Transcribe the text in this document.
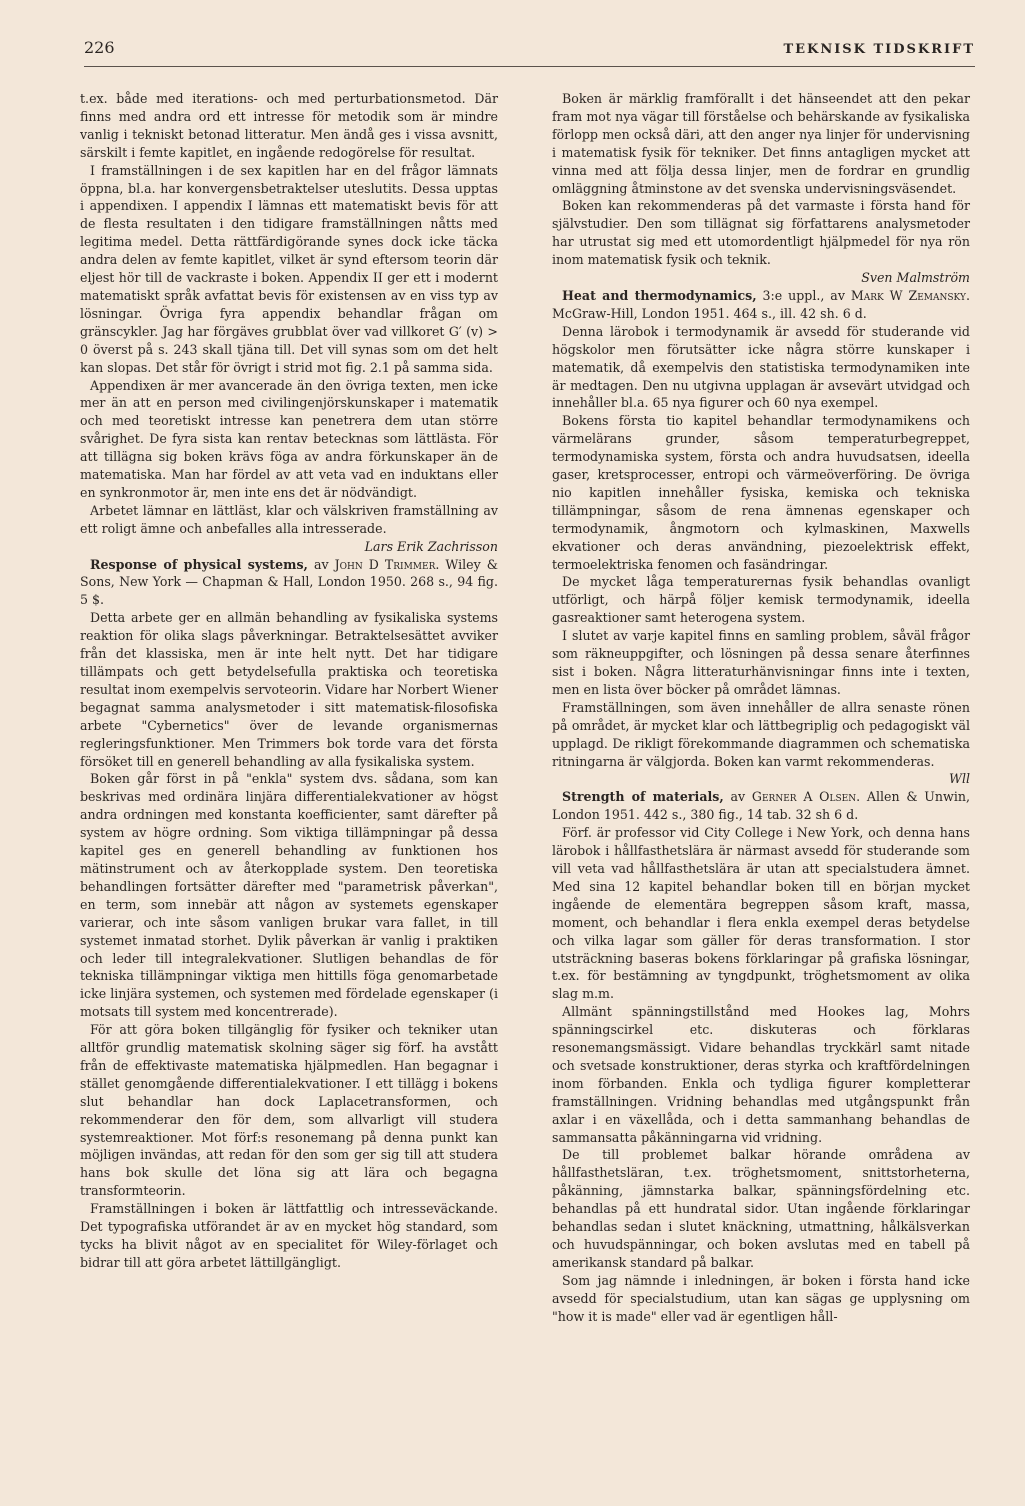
226	TEKNISK TIDSKRIFT

t.ex. både med iterations- och med perturbationsmetod. Där finns med andra ord ett intresse för metodik som är mindre vanlig i tekniskt betonad litteratur. Men ändå ges i vissa avsnitt, särskilt i femte kapitlet, en ingående redogörelse för resultat.

I framställningen i de sex kapitlen har en del frågor lämnats öppna, bl.a. har konvergensbetraktelser uteslutits. Dessa upptas i appendixen. I appendix I lämnas ett matematiskt bevis för att de flesta resultaten i den tidigare framställningen nåtts med legitima medel. Detta rättfärdigörande synes dock icke täcka andra delen av femte kapitlet, vilket är synd eftersom teorin där eljest hör till de vackraste i boken. Appendix II ger ett i modernt matematiskt språk avfattat bevis för existensen av en viss typ av lösningar. Övriga fyra appendix behandlar frågan om gränscykler. Jag har förgäves grubblat över vad villkoret G′ (v) > 0 överst på s. 243 skall tjäna till. Det vill synas som om det helt kan slopas. Det står för övrigt i strid mot fig. 2.1 på samma sida.

Appendixen är mer avancerade än den övriga texten, men icke mer än att en person med civilingenjörskunskaper i matematik och med teoretiskt intresse kan penetrera dem utan större svårighet. De fyra sista kan rentav betecknas som lättlästa. För att tillägna sig boken krävs föga av andra förkunskaper än de matematiska. Man har fördel av att veta vad en induktans eller en synkronmotor är, men inte ens det är nödvändigt.

Arbetet lämnar en lättläst, klar och välskriven framställning av ett roligt ämne och anbefalles alla intresserade.

Lars Erik Zachrisson

Response of physical systems, av John D Trimmer. Wiley & Sons, New York — Chapman & Hall, London 1950. 268 s., 94 fig. 5 $.

Detta arbete ger en allmän behandling av fysikaliska systems reaktion för olika slags påverkningar. Betraktelsesättet avviker från det klassiska, men är inte helt nytt. Det har tidigare tillämpats och gett betydelsefulla praktiska och teoretiska resultat inom exempelvis servoteorin. Vidare har Norbert Wiener begagnat samma analysmetoder i sitt matematisk-filosofiska arbete "Cybernetics" över de levande organismernas regleringsfunktioner. Men Trimmers bok torde vara det första försöket till en generell behandling av alla fysikaliska system.

Boken går först in på "enkla" system dvs. sådana, som kan beskrivas med ordinära linjära differentialekvationer av högst andra ordningen med konstanta koefficienter, samt därefter på system av högre ordning. Som viktiga tillämpningar på dessa kapitel ges en generell behandling av funktionen hos mätinstrument och av återkopplade system. Den teoretiska behandlingen fortsätter därefter med "parametrisk påverkan", en term, som innebär att någon av systemets egenskaper varierar, och inte såsom vanligen brukar vara fallet, in till systemet inmatad storhet. Dylik påverkan är vanlig i praktiken och leder till integralekvationer. Slutligen behandlas de för tekniska tillämpningar viktiga men hittills föga genomarbetade icke linjära systemen, och systemen med fördelade egenskaper (i motsats till system med koncentrerade).

För att göra boken tillgänglig för fysiker och tekniker utan alltför grundlig matematisk skolning säger sig förf. ha avstått från de effektivaste matematiska hjälpmedlen. Han begagnar i stället genomgående differentialekvationer. I ett tillägg i bokens slut behandlar han dock Laplacetransformen, och rekommenderar den för dem, som allvarligt vill studera systemreaktioner. Mot förf:s resonemang på denna punkt kan möjligen invändas, att redan för den som ger sig till att studera hans bok skulle det löna sig att lära och begagna transformteorin.

Framställningen i boken är lättfattlig och intresseväckande. Det typografiska utförandet är av en mycket hög standard, som tycks ha blivit något av en specialitet för Wiley-förlaget och bidrar till att göra arbetet lättillgängligt.

Boken är märklig framförallt i det hänseendet att den pekar fram mot nya vägar till förståelse och behärskande av fysikaliska förlopp men också däri, att den anger nya linjer för undervisning i matematisk fysik för tekniker. Det finns antagligen mycket att vinna med att följa dessa linjer, men de fordrar en grundlig omläggning åtminstone av det svenska undervisningsväsendet.

Boken kan rekommenderas på det varmaste i första hand för självstudier. Den som tillägnat sig författarens analysmetoder har utrustat sig med ett utomordentligt hjälpmedel för nya rön inom matematisk fysik och teknik.

Sven Malmström

Heat and thermodynamics, 3:e uppl., av Mark W Zemansky. McGraw-Hill, London 1951. 464 s., ill. 42 sh. 6 d.

Denna lärobok i termodynamik är avsedd för studerande vid högskolor men förutsätter icke några större kunskaper i matematik, då exempelvis den statistiska termodynamiken inte är medtagen. Den nu utgivna upplagan är avsevärt utvidgad och innehåller bl.a. 65 nya figurer och 60 nya exempel.

Bokens första tio kapitel behandlar termodynamikens och värmelärans grunder, såsom temperaturbegreppet, termodynamiska system, första och andra huvudsatsen, ideella gaser, kretsprocesser, entropi och värmeöverföring. De övriga nio kapitlen innehåller fysiska, kemiska och tekniska tillämpningar, såsom de rena ämnenas egenskaper och termodynamik, ångmotorn och kylmaskinen, Maxwells ekvationer och deras användning, piezoelektrisk effekt, termoelektriska fenomen och fasändringar.

De mycket låga temperaturernas fysik behandlas ovanligt utförligt, och härpå följer kemisk termodynamik, ideella gasreaktioner samt heterogena system.

I slutet av varje kapitel finns en samling problem, såväl frågor som räkneuppgifter, och lösningen på dessa senare återfinnes sist i boken. Några litteraturhänvisningar finns inte i texten, men en lista över böcker på området lämnas.

Framställningen, som även innehåller de allra senaste rönen på området, är mycket klar och lättbegriplig och pedagogiskt väl upplagd. De rikligt förekommande diagrammen och schematiska ritningarna är välgjorda. Boken kan varmt rekommenderas.

Wll

Strength of materials, av Gerner A Olsen. Allen & Unwin, London 1951. 442 s., 380 fig., 14 tab. 32 sh 6 d.

Förf. är professor vid City College i New York, och denna hans lärobok i hållfasthetslära är närmast avsedd för studerande som vill veta vad hållfasthetslära är utan att specialstudera ämnet. Med sina 12 kapitel behandlar boken till en början mycket ingående de elementära begreppen såsom kraft, massa, moment, och behandlar i flera enkla exempel deras betydelse och vilka lagar som gäller för deras transformation. I stor utsträckning baseras bokens förklaringar på grafiska lösningar, t.ex. för bestämning av tyngdpunkt, tröghetsmoment av olika slag m.m.

Allmänt spänningstillstånd med Hookes lag, Mohrs spänningscirkel etc. diskuteras och förklaras resonemangsmässigt. Vidare behandlas tryckkärl samt nitade och svetsade konstruktioner, deras styrka och kraftfördelningen inom förbanden. Enkla och tydliga figurer kompletterar framställningen. Vridning behandlas med utgångspunkt från axlar i en växellåda, och i detta sammanhang behandlas de sammansatta påkänningarna vid vridning.

De till problemet balkar hörande områdena av hållfasthetsläran, t.ex. tröghetsmoment, snittstorheterna, påkänning, jämnstarka balkar, spänningsfördelning etc. behandlas på ett hundratal sidor. Utan ingående förklaringar behandlas sedan i slutet knäckning, utmattning, hålkälsverkan och huvudspänningar, och boken avslutas med en tabell på amerikansk standard på balkar.

Som jag nämnde i inledningen, är boken i första hand icke avsedd för specialstudium, utan kan sägas ge upplysning om "how it is made" eller vad är egentligen håll-
